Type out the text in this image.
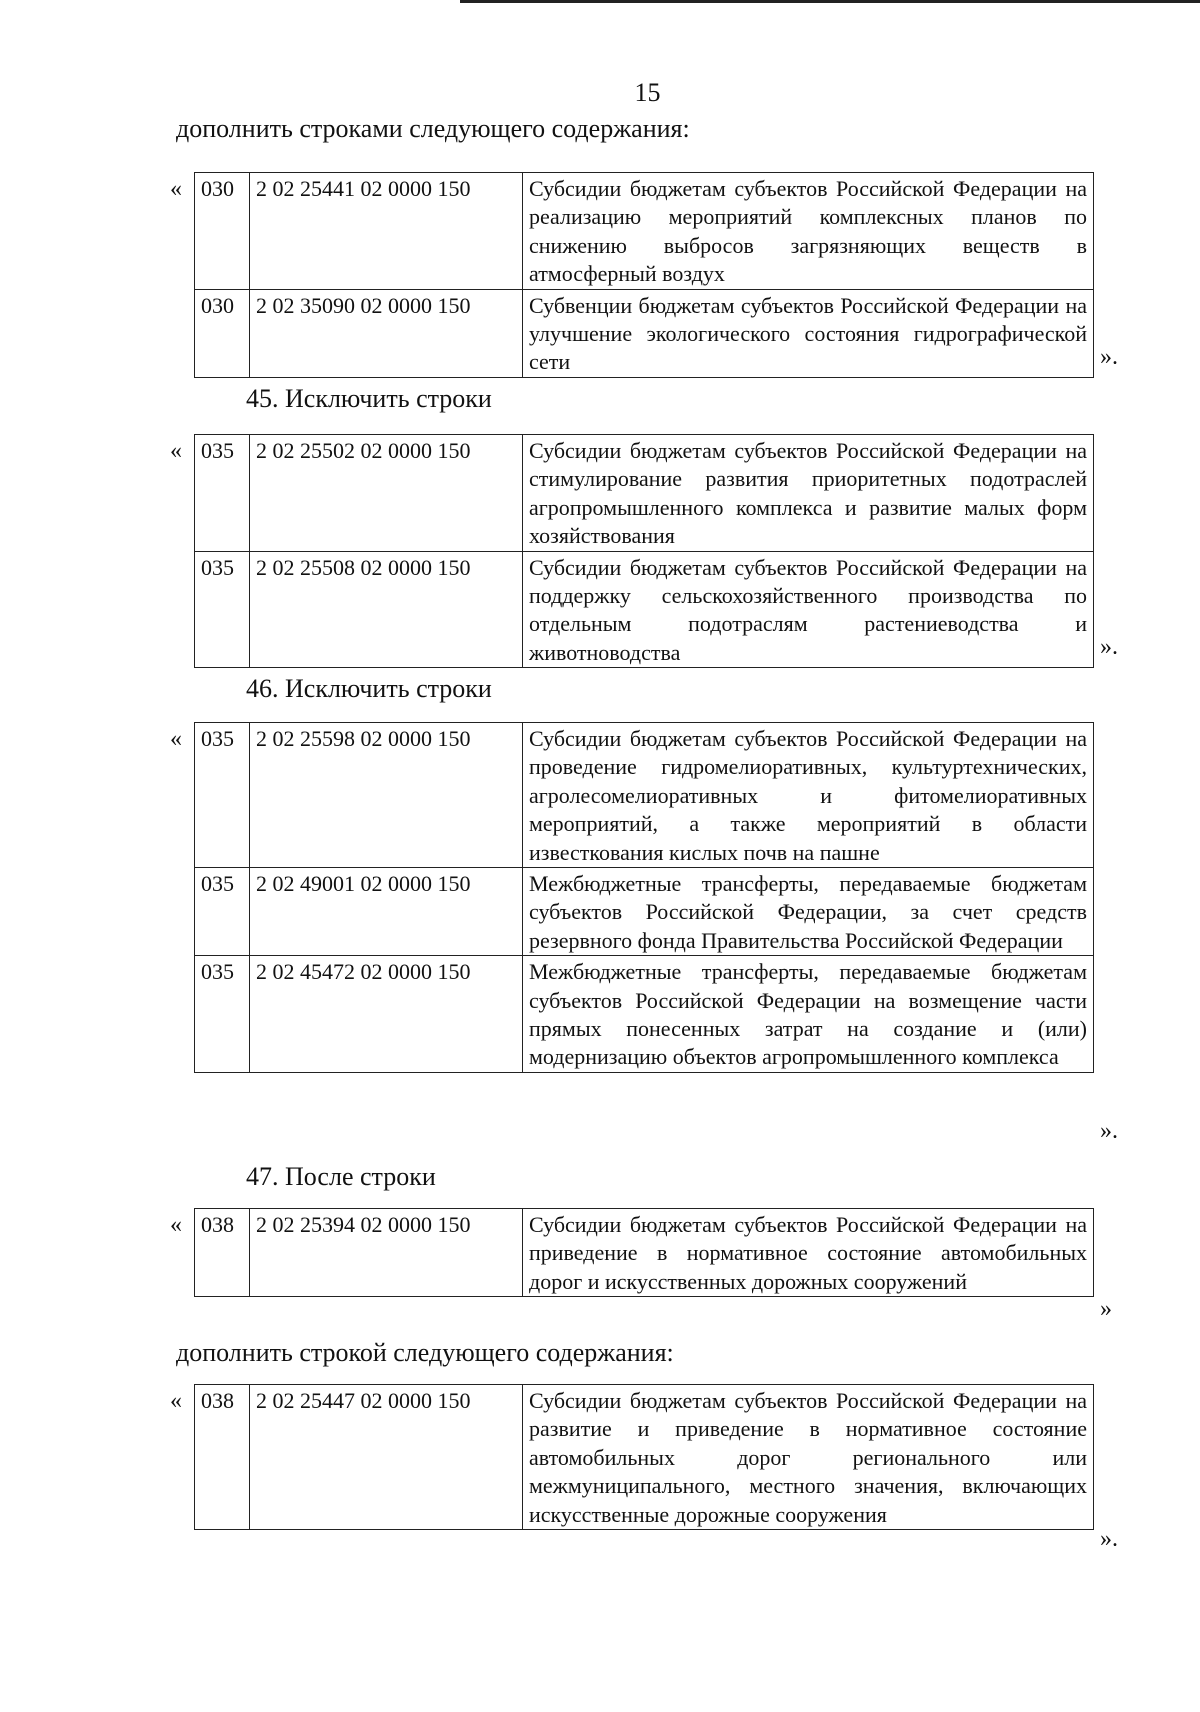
15
дополнить строками следующего содержания:
« 030	2 02 25441 02 0000 150	Субсидии бюджетам субъектов Российской Федерации на реализацию мероприятий комплексных планов по снижению выбросов загрязняющих веществ в атмосферный воздух
030	2 02 35090 02 0000 150	Субвенции бюджетам субъектов Российской Федерации на улучшение экологического состояния гидрографической сети	».
45. Исключить строки
« 035	2 02 25502 02 0000 150	Субсидии бюджетам субъектов Российской Федерации на стимулирование развития приоритетных подотраслей агропромышленного комплекса и развитие малых форм хозяйствования
035	2 02 25508 02 0000 150	Субсидии бюджетам субъектов Российской Федерации на поддержку сельскохозяйственного производства по отдельным подотраслям растениеводства и животноводства	».
46. Исключить строки
« 035	2 02 25598 02 0000 150	Субсидии бюджетам субъектов Российской Федерации на проведение гидромелиоративных, культуртехнических, агролесомелиоративных и фитомелиоративных мероприятий, а также мероприятий в области известкования кислых почв на пашне
035	2 02 49001 02 0000 150	Межбюджетные трансферты, передаваемые бюджетам субъектов Российской Федерации, за счет средств резервного фонда Правительства Российской Федерации
035	2 02 45472 02 0000 150	Межбюджетные трансферты, передаваемые бюджетам субъектов Российской Федерации на возмещение части прямых понесенных затрат на создание и (или) модернизацию объектов агропромышленного комплекса
».
47. После строки
« 038	2 02 25394 02 0000 150	Субсидии бюджетам субъектов Российской Федерации на приведение в нормативное состояние автомобильных дорог и искусственных дорожных сооружений
»
дополнить строкой следующего содержания:
« 038	2 02 25447 02 0000 150	Субсидии бюджетам субъектов Российской Федерации на развитие и приведение в нормативное состояние автомобильных дорог регионального или межмуниципального, местного значения, включающих искусственные дорожные сооружения
».
